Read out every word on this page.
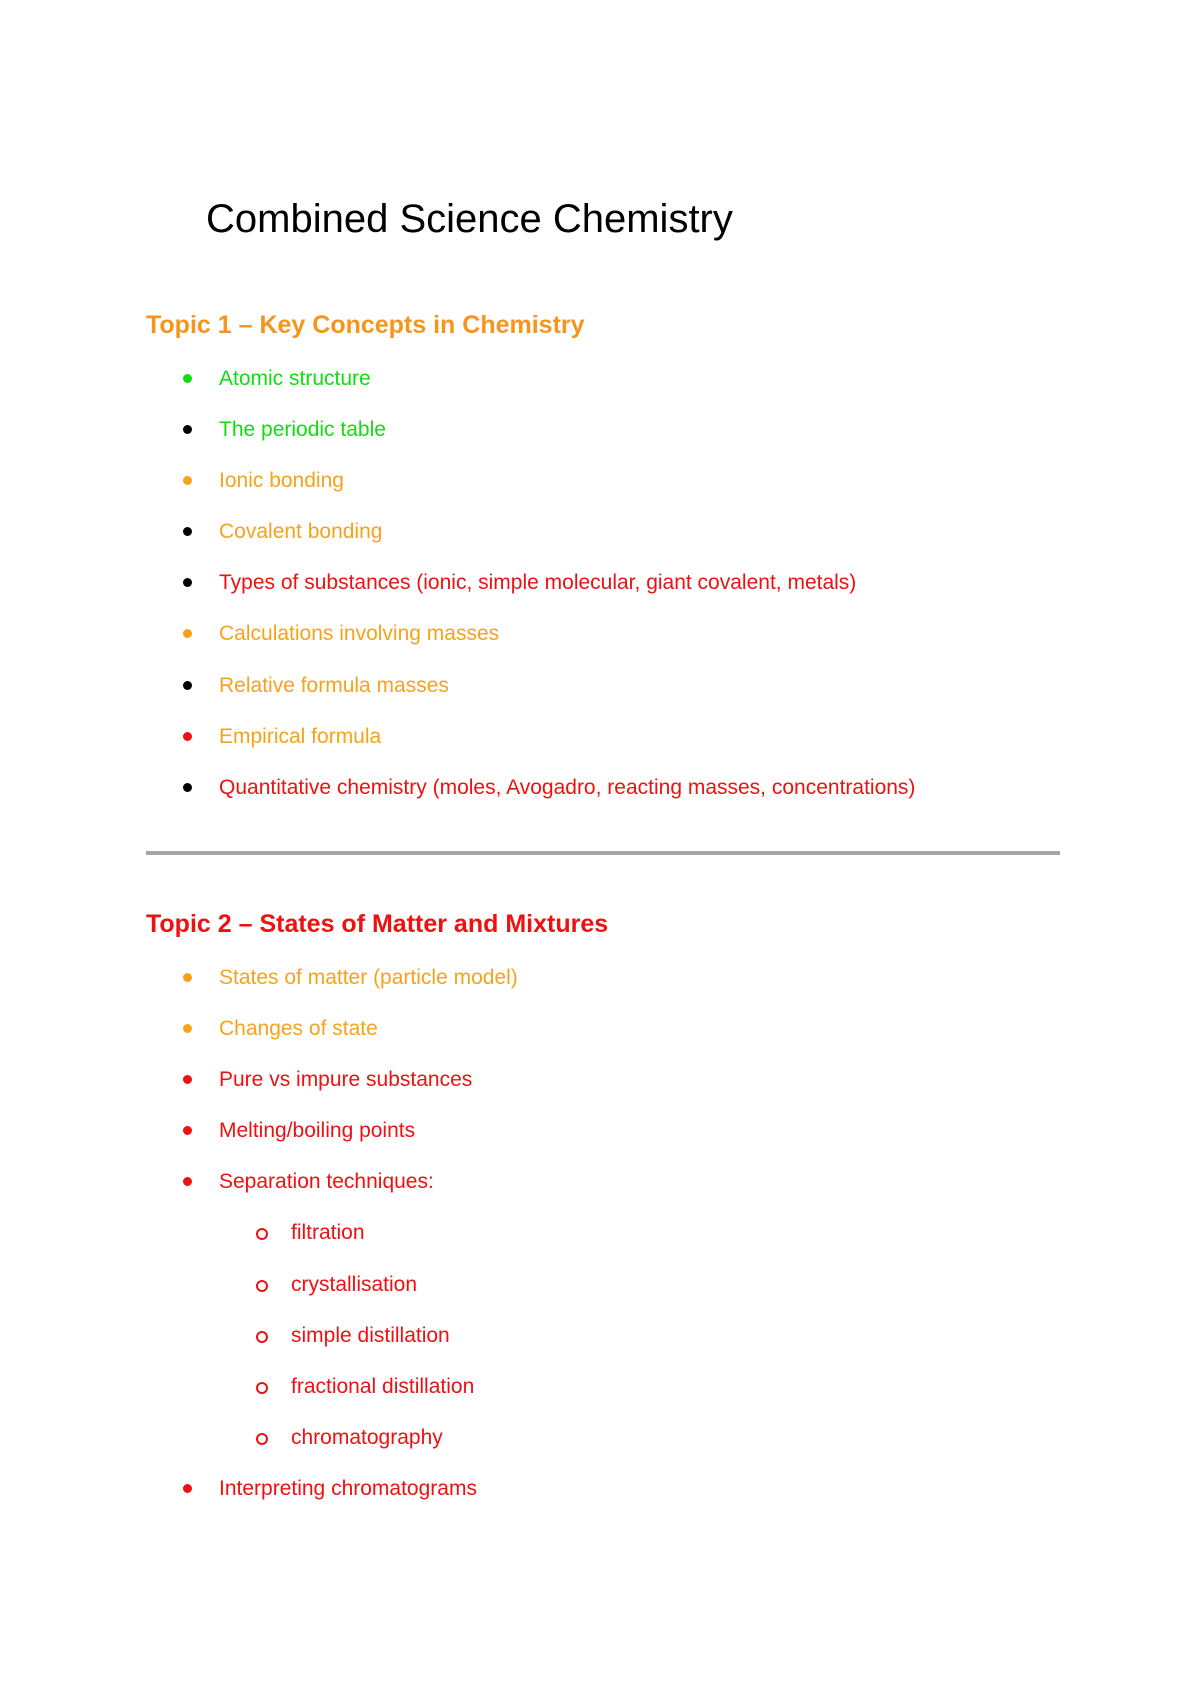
Combined Science Chemistry
Topic 1 – Key Concepts in Chemistry
Atomic structure
The periodic table
Ionic bonding
Covalent bonding
Types of substances (ionic, simple molecular, giant covalent, metals)
Calculations involving masses
Relative formula masses
Empirical formula
Quantitative chemistry (moles, Avogadro, reacting masses, concentrations)
Topic 2 – States of Matter and Mixtures
States of matter (particle model)
Changes of state
Pure vs impure substances
Melting/boiling points
Separation techniques:
filtration
crystallisation
simple distillation
fractional distillation
chromatography
Interpreting chromatograms
